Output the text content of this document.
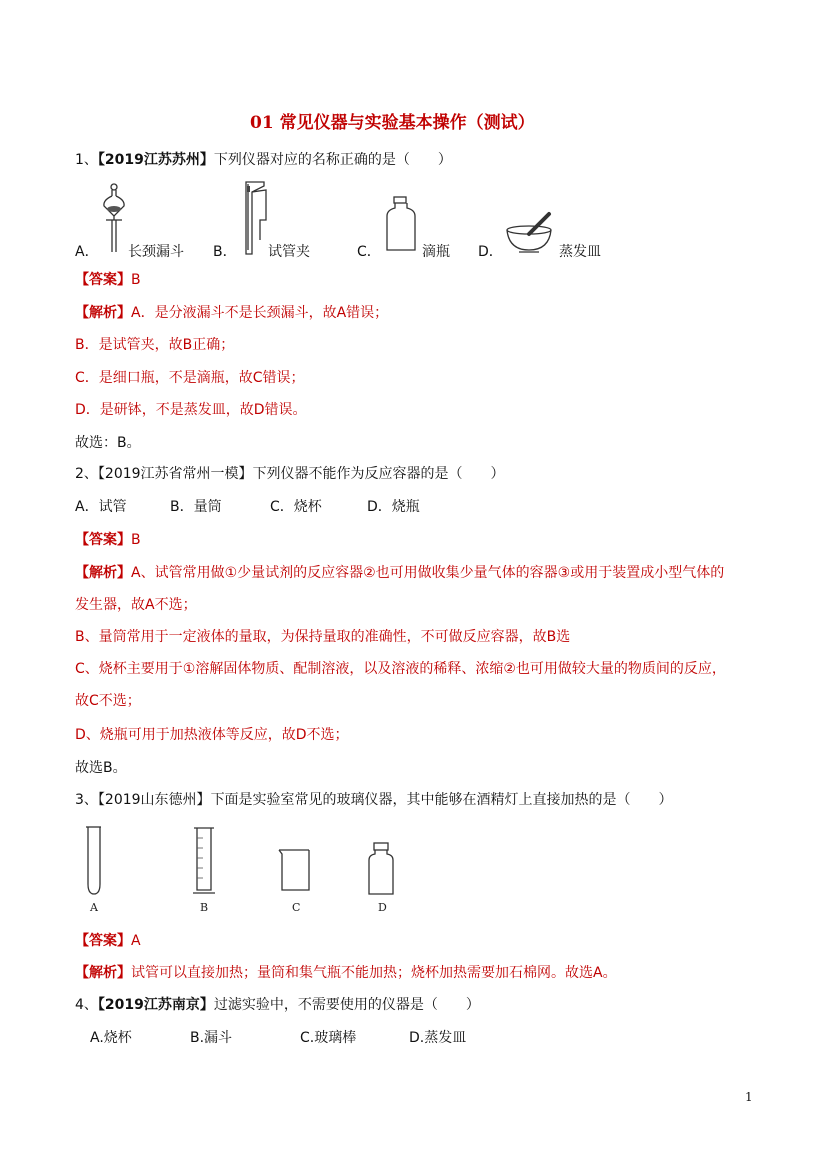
01 常见仪器与实验基本操作（测试）
1、【2019江苏苏州】下列仪器对应的名称正确的是（　　）
A． 长颈漏斗 B． 试管夹	C．	滴瓶 D．	蒸发皿
【答案】B
【解析】A．是分液漏斗不是长颈漏斗，故A错误；
B．是试管夹，故B正确；
C．是细口瓶，不是滴瓶，故C错误；
D．是研钵，不是蒸发皿，故D错误。
故选：B。
2、【2019江苏省常州一模】下列仪器不能作为反应容器的是（　　）
A．试管	B．量筒	C．烧杯	D．烧瓶
【答案】B
【解析】A、试管常用做①少量试剂的反应容器②也可用做收集少量气体的容器③或用于装置成小型气体的
发生器，故A不选；
B、量筒常用于一定液体的量取，为保持量取的准确性，不可做反应容器，故B选
C、烧杯主要用于①溶解固体物质、配制溶液，以及溶液的稀释、浓缩②也可用做较大量的物质间的反应，
故C不选；
D、烧瓶可用于加热液体等反应，故D不选；
故选B。
3、【2019山东德州】下面是实验室常见的玻璃仪器，其中能够在酒精灯上直接加热的是（　　）
A	B	C	D
【答案】A
【解析】试管可以直接加热；量筒和集气瓶不能加热；烧杯加热需要加石棉网。故选A。
4、【2019江苏南京】过滤实验中，不需要使用的仪器是（　　）
A.烧杯	B.漏斗	C.玻璃棒	D.蒸发皿
1
